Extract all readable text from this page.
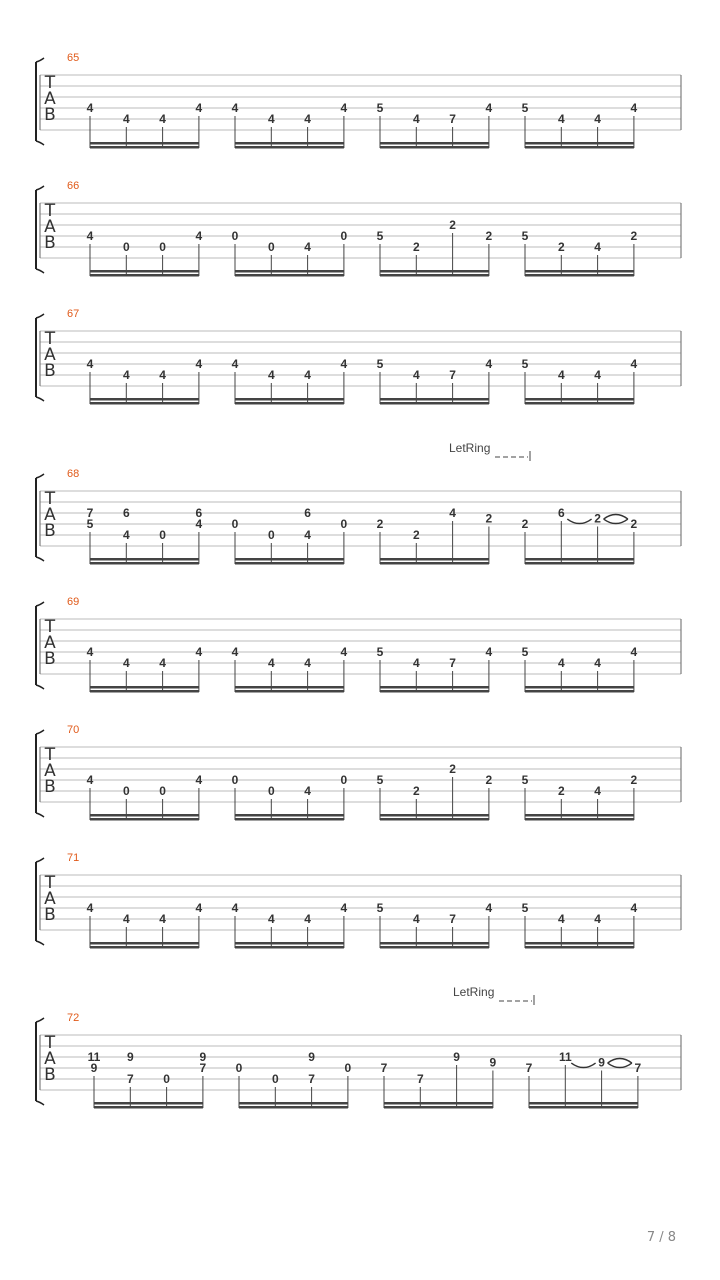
T
A
B
65
4
4 4
4 4
4 4
4 5
4 7
4 5
4 4
4
T
A
B
66
4
0 0
4 0
0 4
0 5
2
2
2 5
2 4
2
T
A
B
67
4
4 4
4 4
4 4
4 5
4 7
4 5
4 4
4
T
A
B
68
LetRing
5
7
4
6
0
4
6
0
0 4
6
0 2
2
4 2 2
6 2 2
T
A
B
69
4
4 4
4 4
4 4
4 5
4 7
4 5
4 4
4
T
A
B
70
4
0 0
4 0
0 4
0 5
2
2
2 5
2 4
2
T
A
B
71
4
4 4
4 4
4 4
4 5
4 7
4 5
4 4
4
T
A
B
72
LetRing
9
11
7
9
0
7
9
0
0 7
9
0 7
7
9 9 7
11 9 7
7 / 8
